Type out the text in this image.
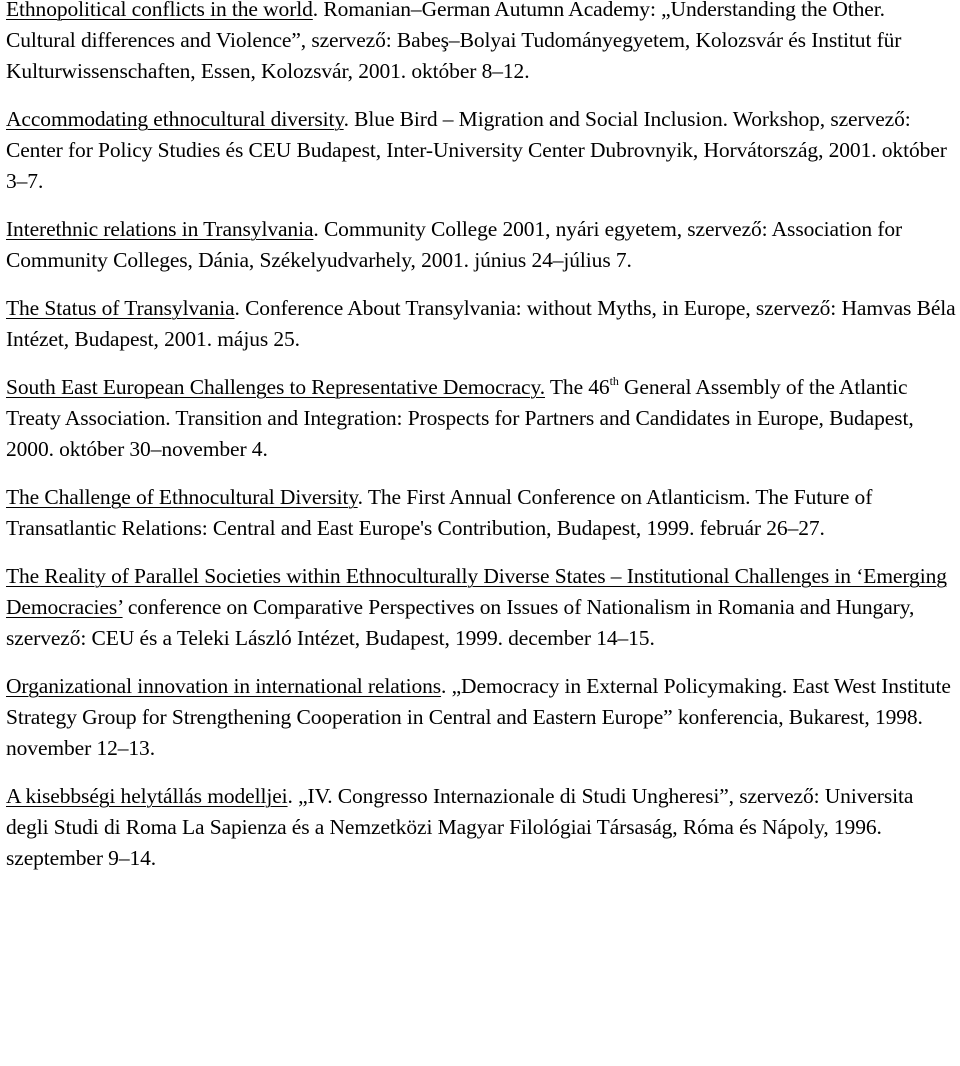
Ethnopolitical conflicts in the world. Romanian–German Autumn Academy: „Understanding the Other. Cultural differences and Violence”, szervező: Babeş–Bolyai Tudományegyetem, Kolozsvár és Institut für Kulturwissenschaften, Essen, Kolozsvár, 2001. október 8–12.

Accommodating ethnocultural diversity. Blue Bird – Migration and Social Inclusion. Workshop, szervező: Center for Policy Studies és CEU Budapest, Inter-University Center Dubrovnyik, Horvátország, 2001. október 3–7.

Interethnic relations in Transylvania. Community College 2001, nyári egyetem, szervező: Association for Community Colleges, Dánia, Székelyudvarhely, 2001. június 24–július 7.

The Status of Transylvania. Conference About Transylvania: without Myths, in Europe, szervező: Hamvas Béla Intézet, Budapest, 2001. május 25.

South East European Challenges to Representative Democracy. The 46th General Assembly of the Atlantic Treaty Association. Transition and Integration: Prospects for Partners and Candidates in Europe, Budapest, 2000. október 30–november 4.

The Challenge of Ethnocultural Diversity. The First Annual Conference on Atlanticism. The Future of Transatlantic Relations: Central and East Europe's Contribution, Budapest, 1999. február 26–27.

The Reality of Parallel Societies within Ethnoculturally Diverse States – Institutional Challenges in ‘Emerging Democracies’ conference on Comparative Perspectives on Issues of Nationalism in Romania and Hungary, szervező: CEU és a Teleki László Intézet, Budapest, 1999. december 14–15.

Organizational innovation in international relations. „Democracy in External Policymaking. East West Institute Strategy Group for Strengthening Cooperation in Central and Eastern Europe” konferencia, Bukarest, 1998. november 12–13.

A kisebbségi helytállás modelljei. „IV. Congresso Internazionale di Studi Ungheresi”, szervező: Universita degli Studi di Roma La Sapienza és a Nemzetközi Magyar Filológiai Társaság, Róma és Nápoly, 1996. szeptember 9–14.
